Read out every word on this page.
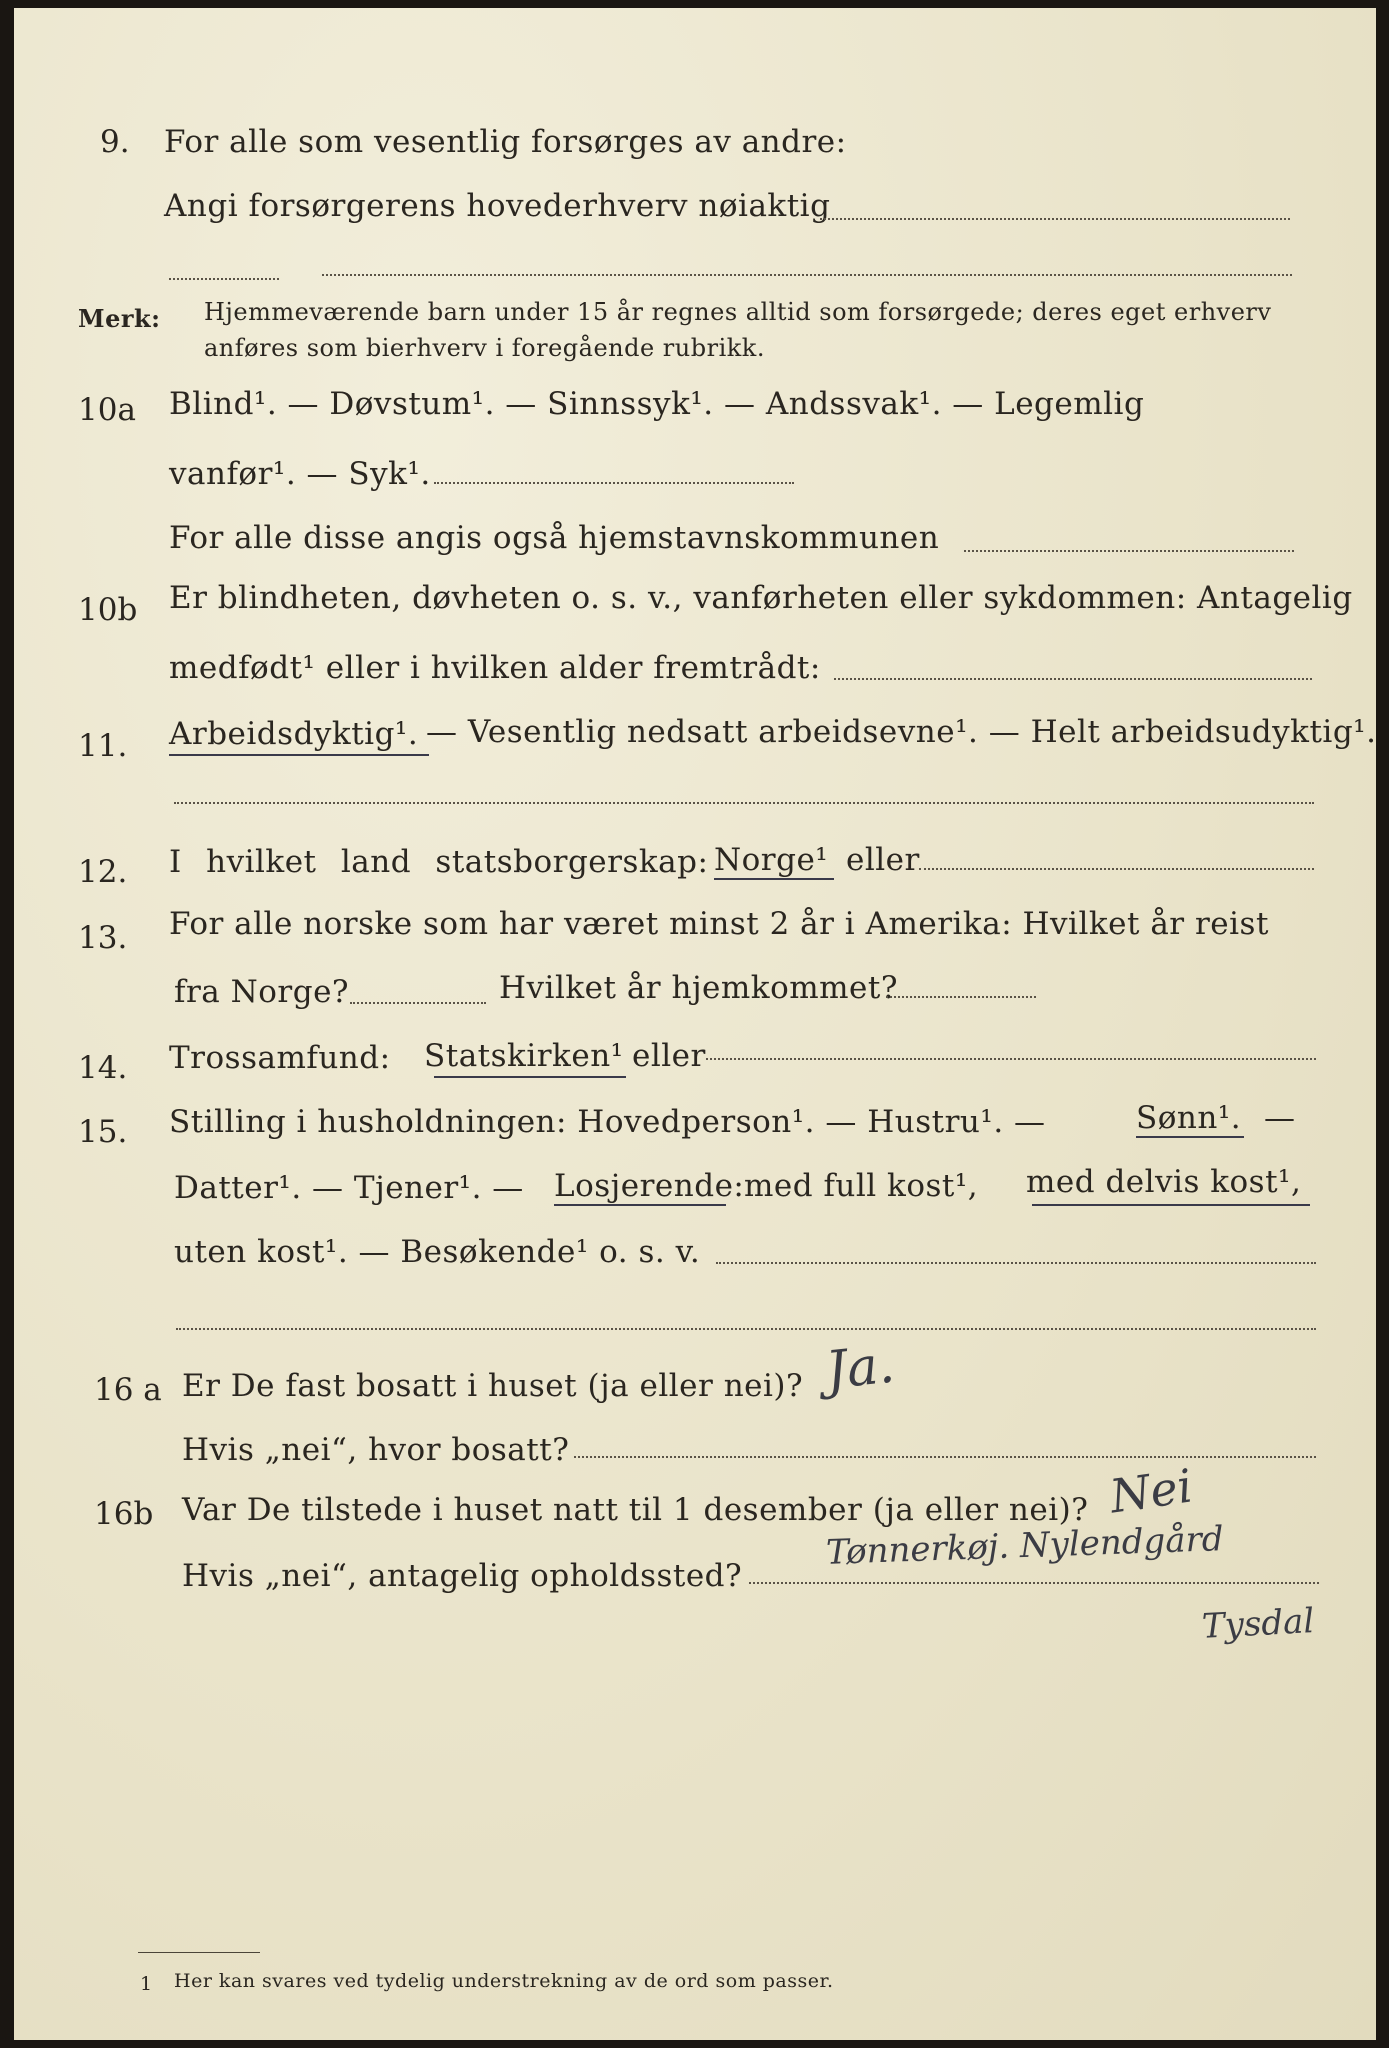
9. For alle som vesentlig forsørges av andre:
Angi forsørgerens hovederhverv nøiaktig
Merk: Hjemmeværende barn under 15 år regnes alltid som forsørgede; deres eget erhverv
anføres som bierhverv i foregående rubrikk.
10a Blind¹. — Døvstum¹. — Sinnssyk¹. — Andssvak¹. — Legemlig
vanfør¹. — Syk¹.
For alle disse angis også hjemstavnskommunen
10b Er blindheten, døvheten o. s. v., vanførheten eller sykdommen: Antagelig
medfødt¹ eller i hvilken alder fremtrådt:
11. Arbeidsdyktig¹. — Vesentlig nedsatt arbeidsevne¹. — Helt arbeidsudyktig¹.
12. I hvilket land statsborgerskap: Norge¹ eller
13. For alle norske som har været minst 2 år i Amerika: Hvilket år reist
fra Norge?	Hvilket år hjemkommet?
14. Trossamfund: Statskirken¹ eller
15. Stilling i husholdningen: Hovedperson¹. — Hustru¹. —	Sønn¹. —
Datter¹. — Tjener¹. — Losjerende: med full kost¹, med delvis kost¹,
uten kost¹. — Besøkende¹ o. s. v.
16 a Er De fast bosatt i huset (ja eller nei)? Ja.
Hvis „nei“, hvor bosatt?
16b Var De tilstede i huset natt til 1 desember (ja eller nei)? Nei
Hvis „nei“, antagelig opholdssted?
Tønnerkøj. Nylendgård
Tysdal
1 Her kan svares ved tydelig understrekning av de ord som passer.
